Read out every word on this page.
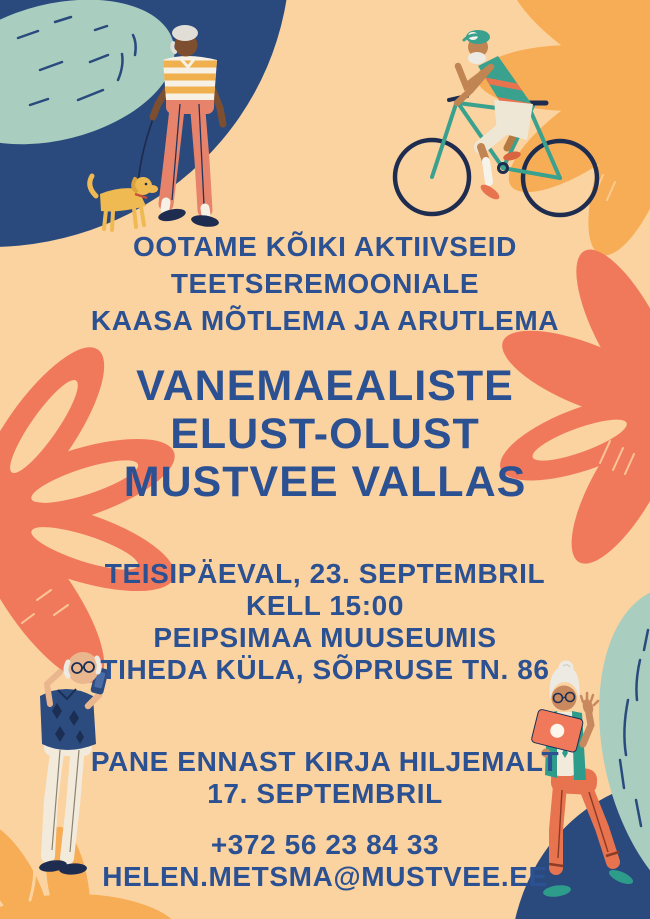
OOTAME KÕIKI AKTIIVSEID
TEETSEREMOONIALE
KAASA MÕTLEMA JA ARUTLEMA
VANEMAEALISTE
ELUST-OLUST
MUSTVEE VALLAS
TEISIPÄEVAL, 23. SEPTEMBRIL
KELL 15:00
PEIPSIMAA MUUSEUMIS
TIHEDA KÜLA, SÕPRUSE TN. 86
PANE ENNAST KIRJA HILJEMALT
17. SEPTEMBRIL
+372 56 23 84 33
HELEN.METSMA@MUSTVEE.EE
